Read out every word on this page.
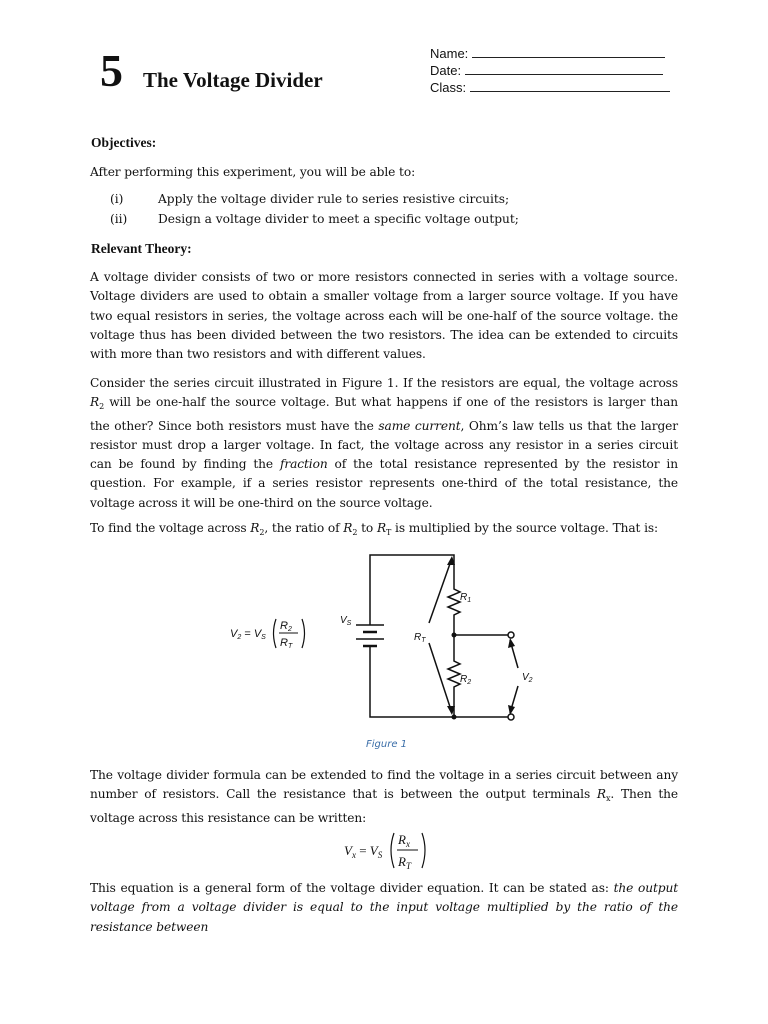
5 The Voltage Divider
Name:
Date:
Class:
Objectives:
After performing this experiment, you will be able to:
(i)	Apply the voltage divider rule to series resistive circuits;
(ii)	Design a voltage divider to meet a specific voltage output;
Relevant Theory:
A voltage divider consists of two or more resistors connected in series with a voltage source. Voltage dividers are used to obtain a smaller voltage from a larger source voltage. If you have two equal resistors in series, the voltage across each will be one-half of the source voltage. the voltage thus has been divided between the two resistors. The idea can be extended to circuits with more than two resistors and with different values.
Consider the series circuit illustrated in Figure 1. If the resistors are equal, the voltage across $R_2$ will be one-half the source voltage. But what happens if one of the resistors is larger than the other? Since both resistors must have the same current, Ohm’s law tells us that the larger resistor must drop a larger voltage. In fact, the voltage across any resistor in a series circuit can be found by finding the fraction of the total resistance represented by the resistor in question. For example, if a series resistor represents one-third of the total resistance, the voltage across it will be one-third on the source voltage.
To find the voltage across $R_2$, the ratio of $R_2$ to $R_T$ is multiplied by the source voltage. That is:
$V_S$
$R_1$
$R_2$
$R_T$
$V_2$
V2 = VS
R2
RT
Figure 1
The voltage divider formula can be extended to find the voltage in a series circuit between any number of resistors. Call the resistance that is between the output terminals $R_x$. Then the voltage across this resistance can be written:
$V_x = V_S$
$R_x$
$R_T$
This equation is a general form of the voltage divider equation. It can be stated as: the output voltage from a voltage divider is equal to the input voltage multiplied by the ratio of the resistance between
